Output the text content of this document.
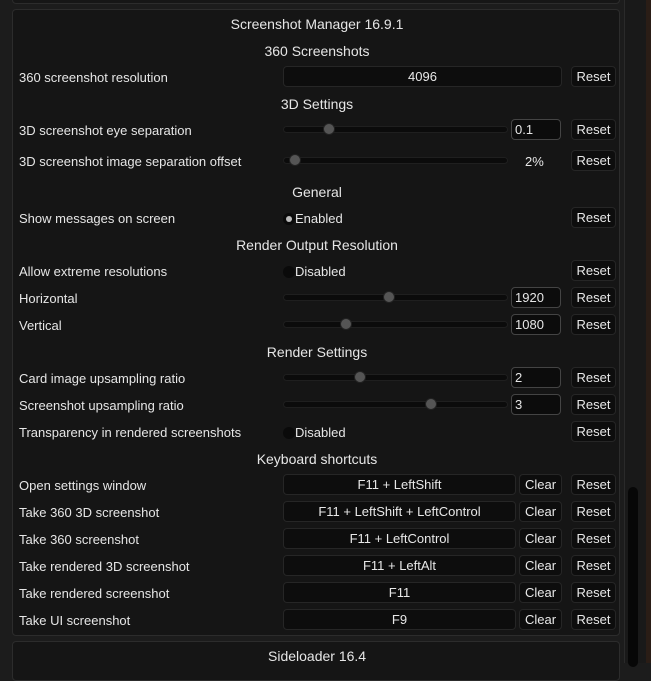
Screenshot Manager 16.9.1
360 Screenshots
360 screenshot resolution	4096	Reset
3D Settings
3D screenshot eye separation	0.1	Reset
3D screenshot image separation offset	2%	Reset
General
Show messages on screen	Enabled	Reset
Render Output Resolution
Allow extreme resolutions	Disabled	Reset
Horizontal	1920	Reset
Vertical	1080	Reset
Render Settings
Card image upsampling ratio	2	Reset
Screenshot upsampling ratio	3	Reset
Transparency in rendered screenshots	Disabled	Reset
Keyboard shortcuts
Open settings window	F11 + LeftShift	Clear	Reset
Take 360 3D screenshot	F11 + LeftShift + LeftControl	Clear	Reset
Take 360 screenshot	F11 + LeftControl	Clear	Reset
Take rendered 3D screenshot	F11 + LeftAlt	Clear	Reset
Take rendered screenshot	F11	Clear	Reset
Take UI screenshot	F9	Clear	Reset
Sideloader 16.4
